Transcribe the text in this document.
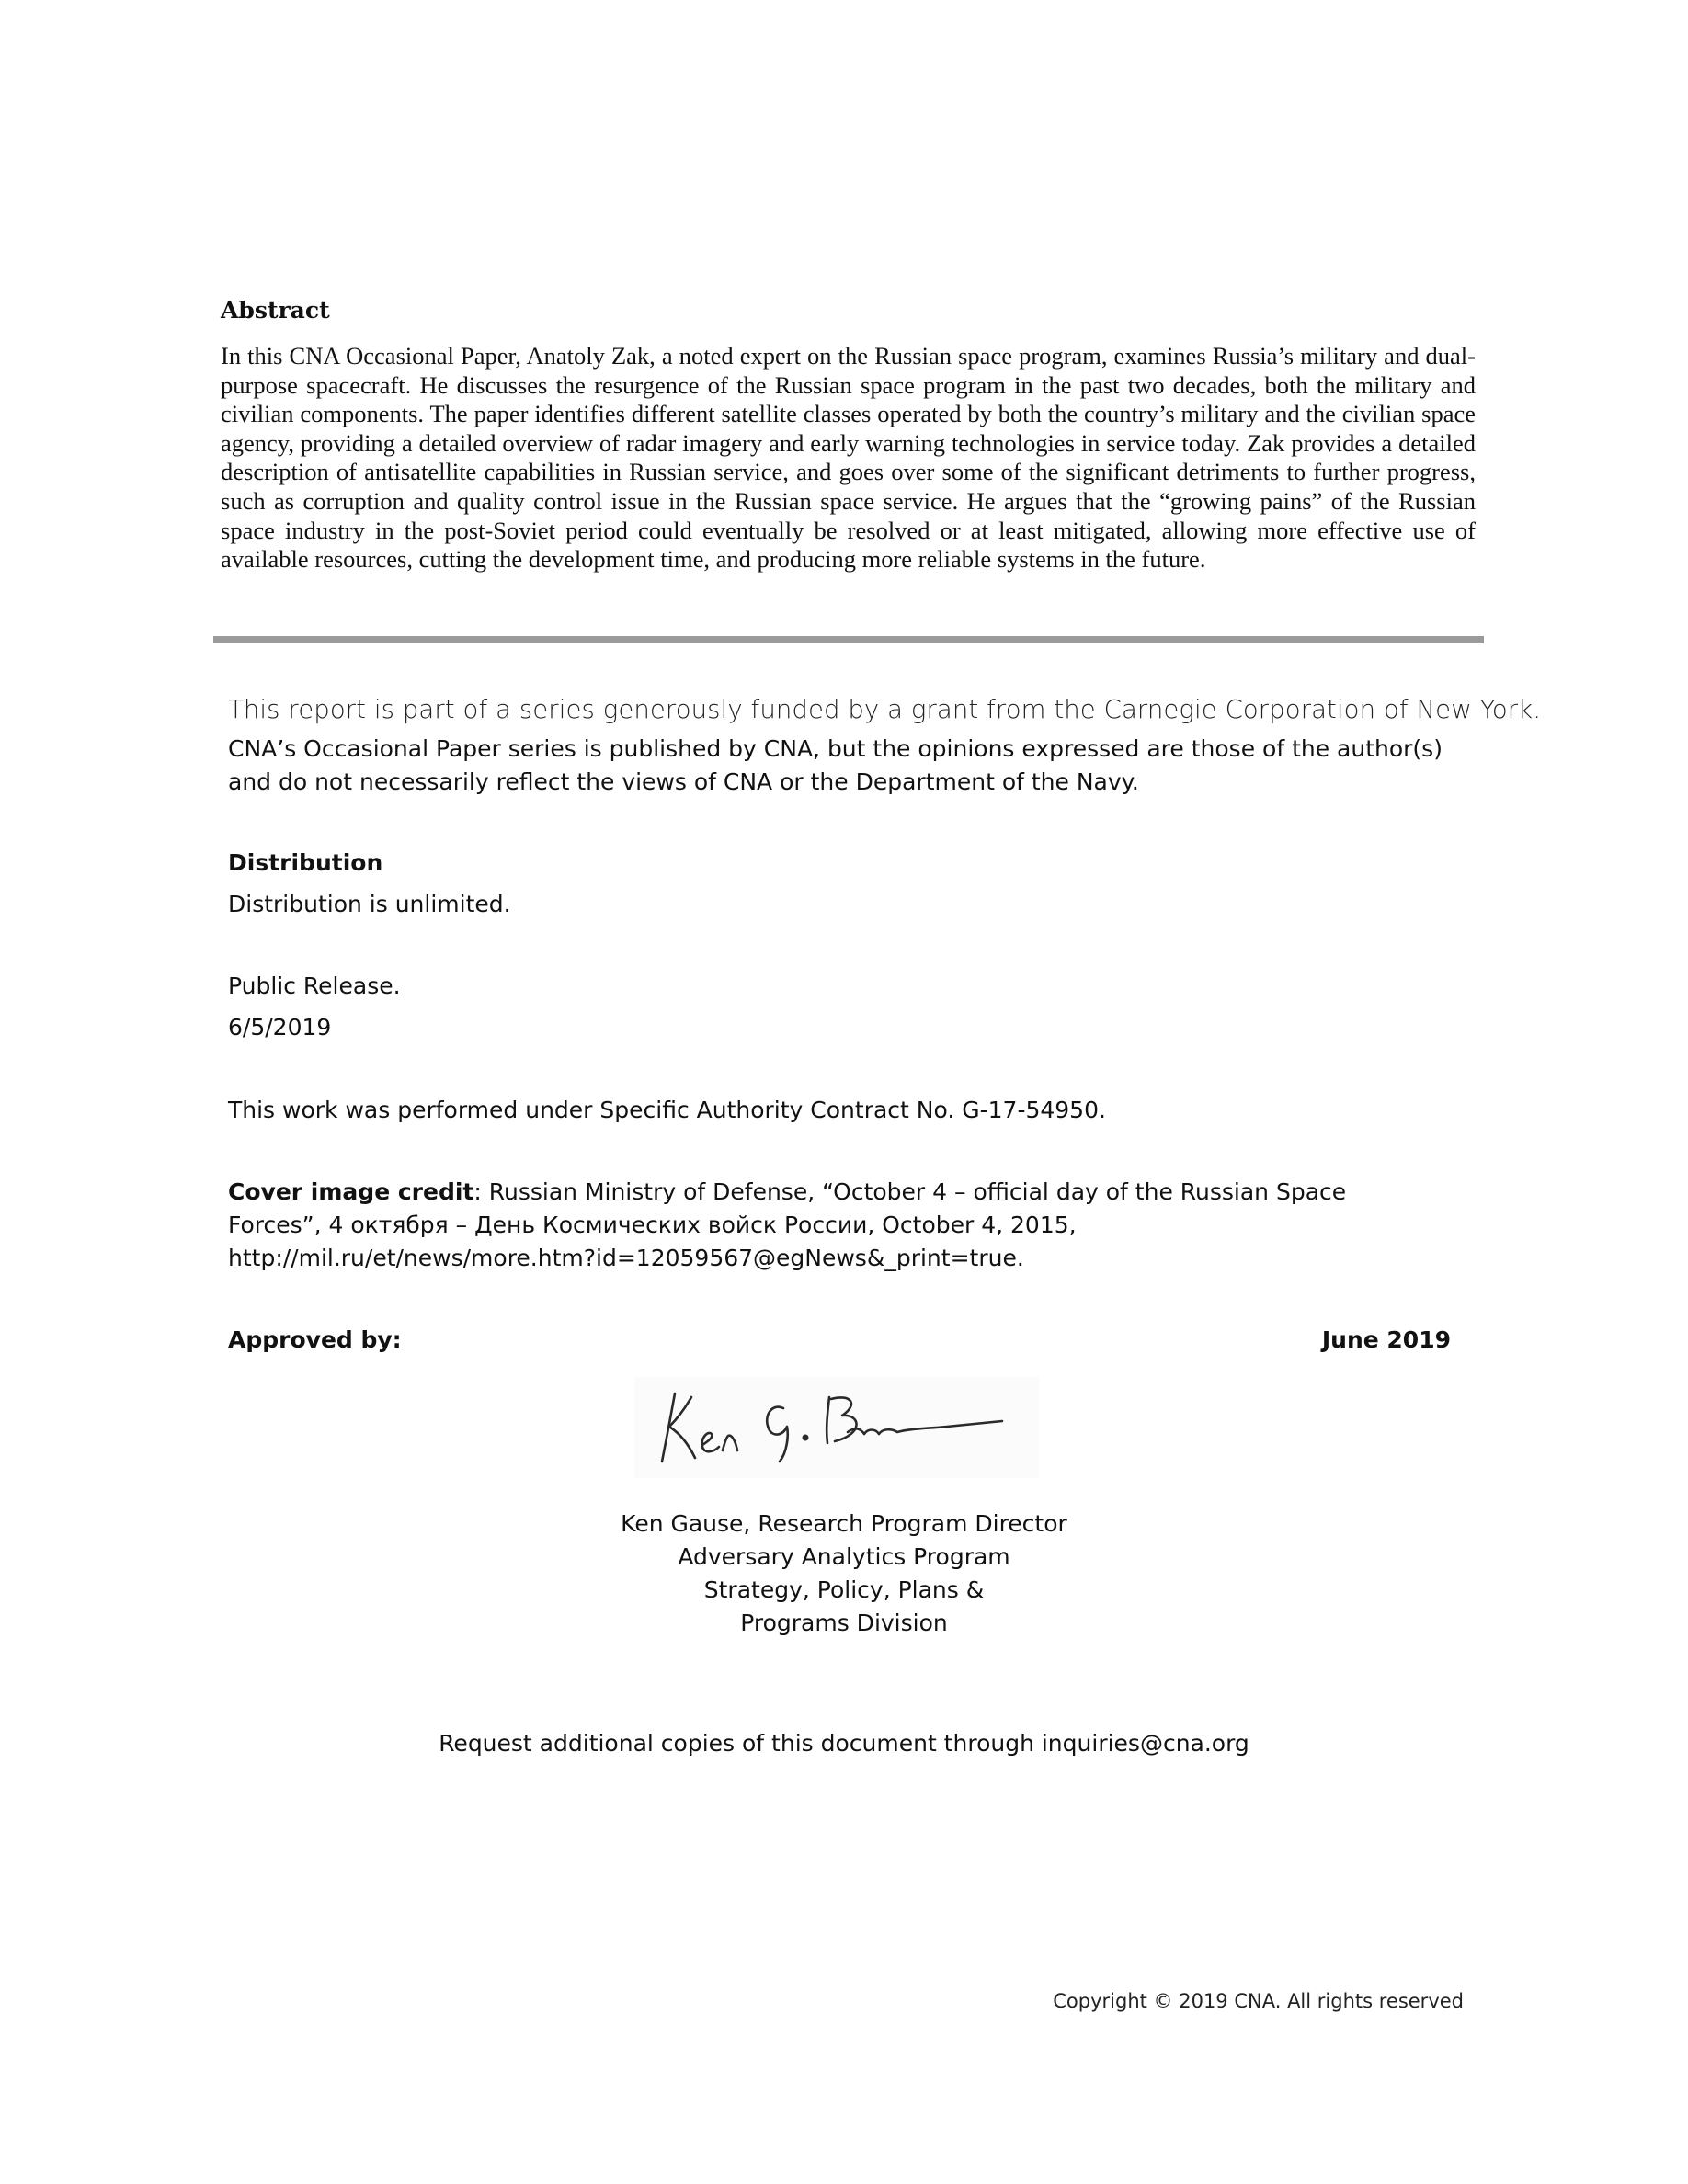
Abstract

In this CNA Occasional Paper, Anatoly Zak, a noted expert on the Russian space program, examines Russia’s military and dual-purpose spacecraft. He discusses the resurgence of the Russian space program in the past two decades, both the military and civilian components. The paper identifies different satellite classes operated by both the country’s military and the civilian space agency, providing a detailed overview of radar imagery and early warning technologies in service today. Zak provides a detailed description of antisatellite capabilities in Russian service, and goes over some of the significant detriments to further progress, such as corruption and quality control issue in the Russian space service. He argues that the “growing pains” of the Russian space industry in the post-Soviet period could eventually be resolved or at least mitigated, allowing more effective use of available resources, cutting the development time, and producing more reliable systems in the future.

This report is part of a series generously funded by a grant from the Carnegie Corporation of New York.
CNA’s Occasional Paper series is published by CNA, but the opinions expressed are those of the author(s) and do not necessarily reflect the views of CNA or the Department of the Navy.
Distribution
Distribution is unlimited.
Public Release.
6/5/2019
This work was performed under Specific Authority Contract No. G-17-54950.
Cover image credit: Russian Ministry of Defense, “October 4 – official day of the Russian Space Forces”, 4 октября – День Космических войск России, October 4, 2015, http://mil.ru/et/news/more.htm?id=12059567@egNews&_print=true.
Approved by:	June 2019
Ken Gause, Research Program Director
Adversary Analytics Program
Strategy, Policy, Plans &
Programs Division
Request additional copies of this document through inquiries@cna.org
Copyright © 2019 CNA. All rights reserved
